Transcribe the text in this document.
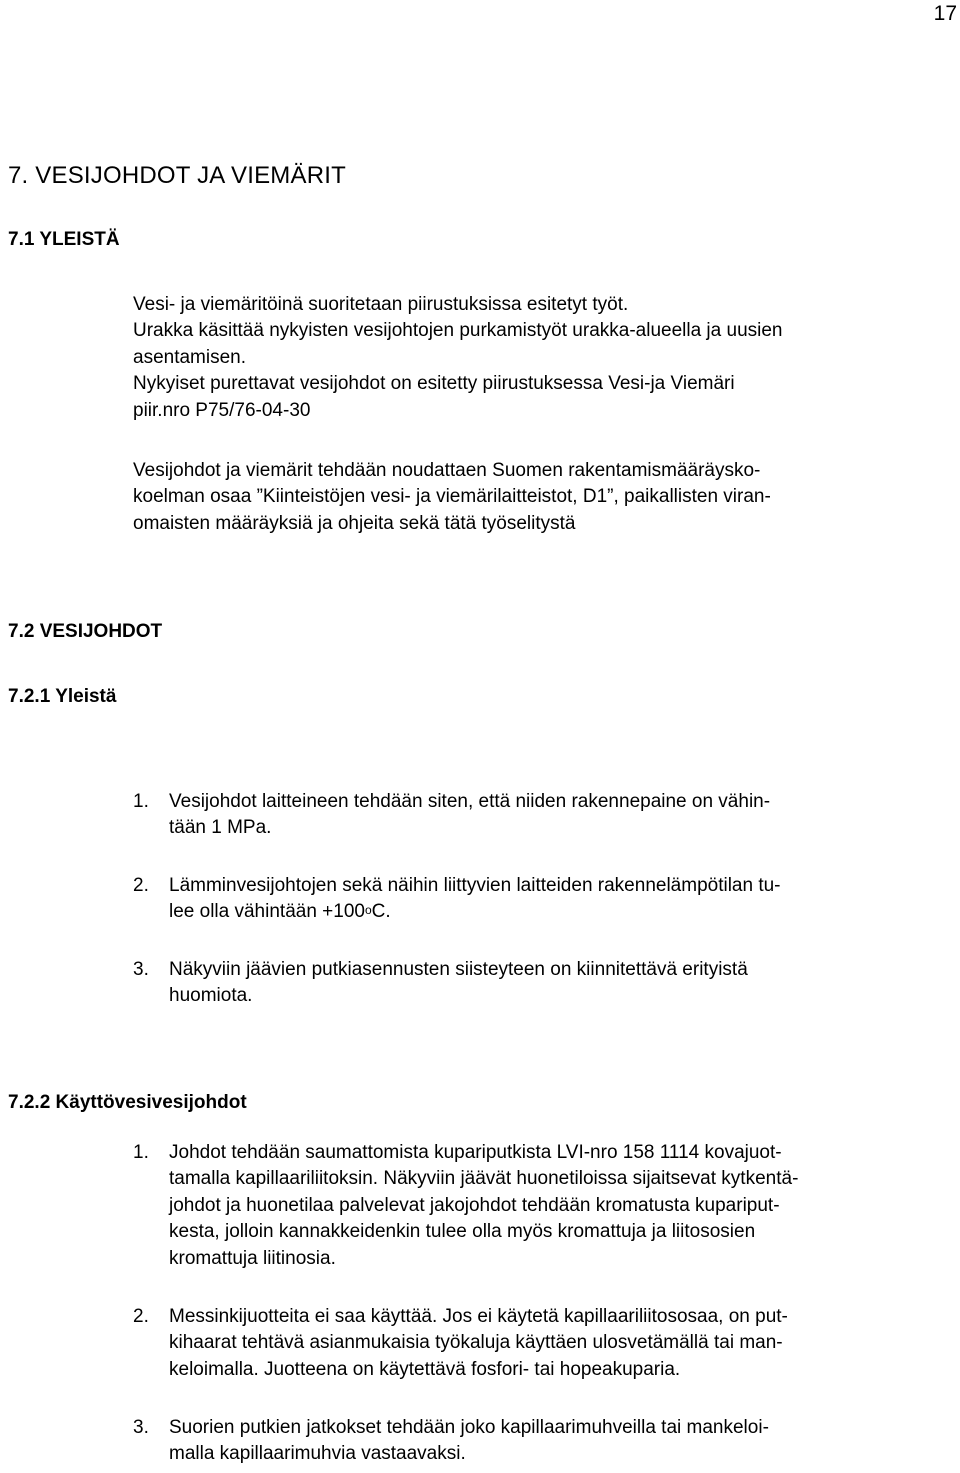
17
7. VESIJOHDOT JA VIEMÄRIT
7.1 YLEISTÄ

Vesi- ja viemäritöinä suoritetaan piirustuksissa esitetyt työt.
Urakka käsittää nykyisten vesijohtojen purkamistyöt urakka-alueella ja uusien
asentamisen.
Nykyiset purettavat vesijohdot on esitetty piirustuksessa Vesi-ja Viemäri
piir.nro P75/76-04-30

Vesijohdot ja viemärit tehdään noudattaen Suomen rakentamismääräysko-
koelman osaa ”Kiinteistöjen vesi- ja viemärilaitteistot, D1”, paikallisten viran-
omaisten määräyksiä ja ohjeita sekä tätä työselitystä

7.2 VESIJOHDOT
7.2.1 Yleistä
1. Vesijohdot laitteineen tehdään siten, että niiden rakennepaine on vähin-
tään 1 MPa.
2. Lämminvesijohtojen sekä näihin liittyvien laitteiden rakennelämpötilan tu-
lee olla vähintään $+100^oC$.
3. Näkyviin jäävien putkiasennusten siisteyteen on kiinnitettävä erityistä
huomiota.
7.2.2 Käyttövesivesijohdot
1. Johdot tehdään saumattomista kupariputkista LVI-nro 158 1114 kovajuot-
tamalla kapillaariliitoksin. Näkyviin jäävät huonetiloissa sijaitsevat kytkentä-
johdot ja huonetilaa palvelevat jakojohdot tehdään kromatusta kupariput-
kesta, jolloin kannakkeidenkin tulee olla myös kromattuja ja liitososien
kromattuja liitinosia.
2. Messinkijuotteita ei saa käyttää. Jos ei käytetä kapillaariliitososaa, on put-
kihaarat tehtävä asianmukaisia työkaluja käyttäen ulosvetämällä tai man-
keloimalla. Juotteena on käytettävä fosfori- tai hopeakuparia.
3. Suorien putkien jatkokset tehdään joko kapillaarimuhveilla tai mankeloi-
malla kapillaarimuhvia vastaavaksi.
